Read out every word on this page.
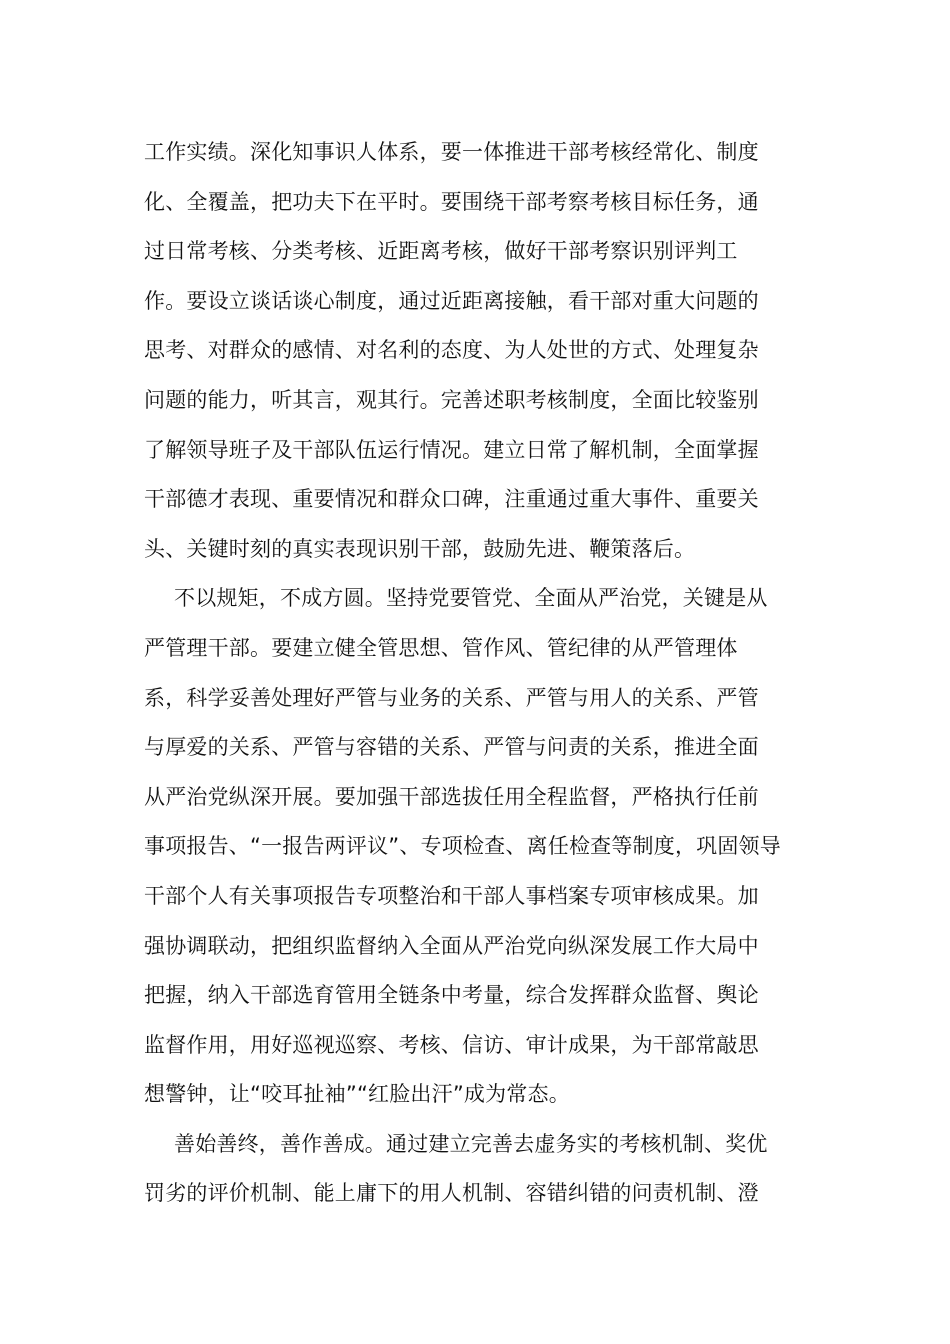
工作实绩。深化知事识人体系，要一体推进干部考核经常化、制度
化、全覆盖，把功夫下在平时。要围绕干部考察考核目标任务，通
过日常考核、分类考核、近距离考核，做好干部考察识别评判工
作。要设立谈话谈心制度，通过近距离接触，看干部对重大问题的
思考、对群众的感情、对名利的态度、为人处世的方式、处理复杂
问题的能力，听其言，观其行。完善述职考核制度，全面比较鉴别
了解领导班子及干部队伍运行情况。建立日常了解机制，全面掌握
干部德才表现、重要情况和群众口碑，注重通过重大事件、重要关
头、关键时刻的真实表现识别干部，鼓励先进、鞭策落后。
不以规矩，不成方圆。坚持党要管党、全面从严治党，关键是从
严管理干部。要建立健全管思想、管作风、管纪律的从严管理体
系，科学妥善处理好严管与业务的关系、严管与用人的关系、严管
与厚爱的关系、严管与容错的关系、严管与问责的关系，推进全面
从严治党纵深开展。要加强干部选拔任用全程监督，严格执行任前
事项报告、“一报告两评议”、专项检查、离任检查等制度，巩固领导
干部个人有关事项报告专项整治和干部人事档案专项审核成果。加
强协调联动，把组织监督纳入全面从严治党向纵深发展工作大局中
把握，纳入干部选育管用全链条中考量，综合发挥群众监督、舆论
监督作用，用好巡视巡察、考核、信访、审计成果，为干部常敲思
想警钟，让“咬耳扯袖”“红脸出汗”成为常态。
善始善终，善作善成。通过建立完善去虚务实的考核机制、奖优
罚劣的评价机制、能上庸下的用人机制、容错纠错的问责机制、澄
